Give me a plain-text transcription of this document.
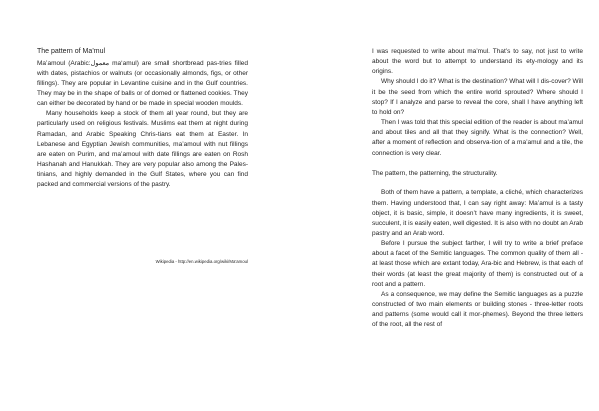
The pattern of Ma’mul

Ma’amoul (Arabic:‏معمول‎ ma‘amul) are small shortbread pas-tries filled with dates, pistachios or walnuts (or occasionally almonds, figs, or other fillings). They are popular in Levantine cuisine and in the Gulf countries. They may be in the shape of balls or of domed or flattened cookies. They can either be decorated by hand or be made in special wooden moulds.

Many households keep a stock of them all year round, but they are particularly used on religious festivals. Muslims eat them at night during Ramadan, and Arabic Speaking Chris-tians eat them at Easter. In Lebanese and Egyptian Jewish communities, ma’amoul with nut fillings are eaten on Purim, and ma’amoul with date fillings are eaten on Rosh Hashanah and Hanukkah. They are very popular also among the Pales-tinians, and highly demanded in the Gulf States, where you can find packed and commercial versions of the pastry.

Wikipedia - http://en.wikipedia.org/wiki/Ma’amoul

I was requested to write about ma’mul. That’s to say, not just to write about the word but to attempt to understand its ety-mology and its origins.

Why should I do it? What is the destination? What will I dis-cover? Will it be the seed from which the entire world sprouted? Where should I stop? If I analyze and parse to reveal the core, shall I have anything left to hold on?

Then I was told that this special edition of the reader is about ma’amul and about tiles and all that they signify. What is the connection? Well, after a moment of reflection and observa-tion of a ma’amul and a tile, the connection is very clear.

The pattern, the patterning, the structurality.

Both of them have a pattern, a template, a cliché, which characterizes them. Having understood that, I can say right away: Ma’amul is a tasty object, it is basic, simple, it doesn’t have many ingredients, it is sweet, succulent, it is easily eaten, well digested. It is also with no doubt an Arab pastry and an Arab word.

Before I pursue the subject farther, I will try to write a brief preface about a facet of the Semitic languages. The common quality of them all - at least those which are extant today, Ara-bic and Hebrew, is that each of their words (at least the great majority of them) is constructed out of a root and a pattern.

As a consequence, we may define the Semitic languages as a puzzle constructed of two main elements or building stones - three-letter roots and patterns (some would call it mor-phemes). Beyond the three letters of the root, all the rest of
